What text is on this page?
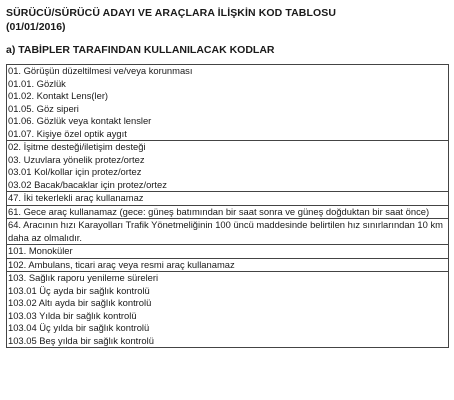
SÜRÜCÜ/SÜRÜCÜ ADAYI VE ARAÇLARA İLİŞKİN KOD TABLOSU
(01/01/2016)
a) TABİPLER TARAFINDAN KULLANILACAK KODLAR
01. Görüşün düzeltilmesi ve/veya korunması
01.01. Gözlük
01.02. Kontakt Lens(ler)
01.05. Göz siperi
01.06. Gözlük veya kontakt lensler
01.07. Kişiye özel optik aygıt

02. İşitme desteği/iletişim desteği
03. Uzuvlara yönelik protez/ortez
03.01 Kol/kollar için protez/ortez
03.02 Bacak/bacaklar için protez/ortez

47. İki tekerlekli araç kullanamaz

61. Gece araç kullanamaz (gece: güneş batımından bir saat sonra ve güneş doğduktan bir saat önce)

64. Aracının hızı Karayolları Trafik Yönetmeliğinin 100 üncü maddesinde belirtilen hız sınırlarından 10 km daha az olmalıdır.

101. Monoküler

102. Ambulans, ticari araç veya resmi araç kullanamaz

103. Sağlık raporu yenileme süreleri
103.01 Üç ayda bir sağlık kontrolü
103.02 Altı ayda bir sağlık kontrolü
103.03 Yılda bir sağlık kontrolü
103.04 Üç yılda bir sağlık kontrolü
103.05 Beş yılda bir sağlık kontrolü
